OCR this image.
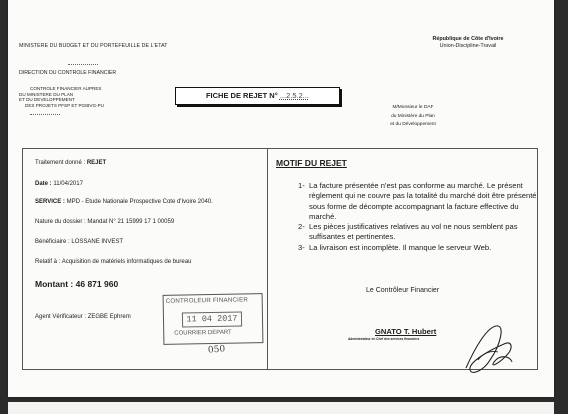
MINISTERE DU BUDGET ET DU PORTEFEUILLE DE L'ETAT
DIRECTION DU CONTROLE FINANCIER
CONTROLE FINANCIER AUPRES
DU MINISTERE DU PLAN
ET DU DEVELOPPEMENT
DES PROJETS PFSP ET PGIBVG-PU
FICHE DE REJET N° ...2.5.2...
République de Côte d'Ivoire
Union-Discipline-Travail
M/Monsieur le DAF
du Ministère du Plan
et du Développement
Traitement donné : REJET
Date : 11/04/2017
SERVICE : MPD - Etude Nationale Prospective Cote d'Ivoire 2040.
Nature du dossier : Mandat N° 21 15999 17 1 00059
Bénéficiaire : LOSSANE INVEST
Relatif à : Acquisition de matériels informatiques de bureau
Montant : 46 871 960
Agent Vérificateur : ZEGBE Ephrem
CONTROLEUR FINANCIER
11 04 2017
COURRIER DEPART
050
MOTIF DU REJET
1- La facture présentée n'est pas conforme au marché. Le présent règlement qui ne couvre pas la totalité du marché doit être présenté sous forme de décompte accompagnant la facture effective du marché.
2- Les pièces justificatives relatives au vol ne nous semblent pas suffisantes et pertinentes.
3- La livraison est incomplète. Il manque le serveur Web.
Le Contrôleur Financier
GNATO T. Hubert
Administrateur en Chef des services financiers
